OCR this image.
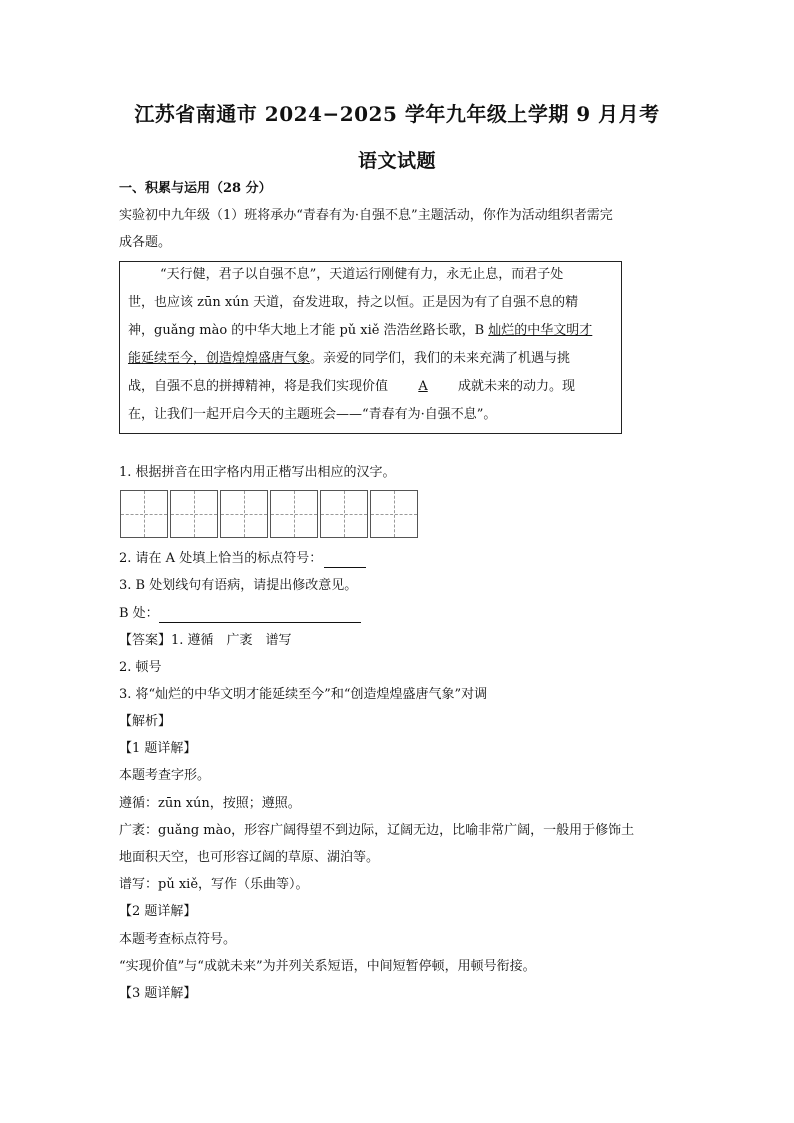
江苏省南通市 2024−2025 学年九年级上学期 9 月月考
语文试题
一、积累与运用（28 分）
实验初中九年级（1）班将承办“青春有为·自强不息”主题活动，你作为活动组织者需完
成各题。
“天行健，君子以自强不息”，天道运行刚健有力，永无止息，而君子处
世，也应该 zūn xún 天道，奋发进取，持之以恒。正是因为有了自强不息的精
神，guǎng mào 的中华大地上才能 pǔ xiě 浩浩丝路长歌，B 灿烂的中华文明才
能延续至今，创造煌煌盛唐气象。亲爱的同学们，我们的未来充满了机遇与挑
战，自强不息的拼搏精神，将是我们实现价值 A 成就未来的动力。现
在，让我们一起开启今天的主题班会——“青春有为·自强不息”。
1. 根据拼音在田字格内用正楷写出相应的汉字。
2. 请在 A 处填上恰当的标点符号：
3. B 处划线句有语病，请提出修改意见。
B 处：
【答案】1. 遵循　广袤　谱写
2. 顿号
3. 将“灿烂的中华文明才能延续至今”和“创造煌煌盛唐气象”对调
【解析】
【1 题详解】
本题考查字形。
遵循：zūn xún，按照；遵照。
广袤：guǎng mào，形容广阔得望不到边际，辽阔无边，比喻非常广阔，一般用于修饰土
地面积天空，也可形容辽阔的草原、湖泊等。
谱写：pǔ xiě，写作（乐曲等）。
【2 题详解】
本题考查标点符号。
“实现价值”与“成就未来”为并列关系短语，中间短暂停顿，用顿号衔接。
【3 题详解】
